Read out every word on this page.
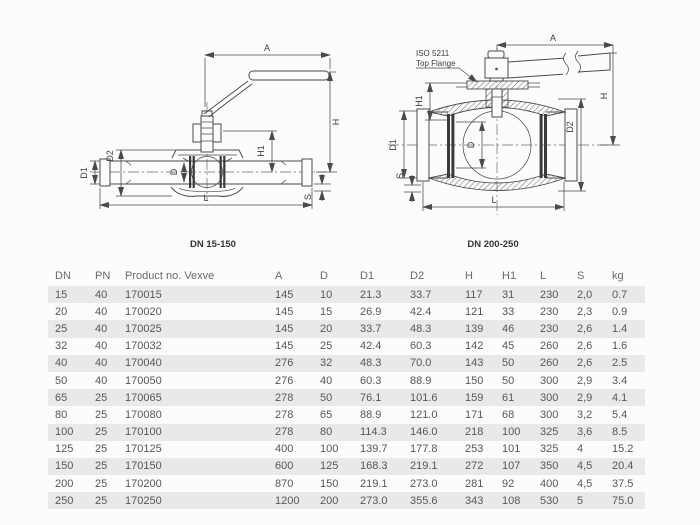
A
H
H1
D2
D1	D
L	S
DN 15-150
ISO 5211
Top Flange
A
H
H1
D1	D
D2
L
S
DN 200-250
DN	PN	Product no. Vexve	A	D	D1	D2	H	H1	L	S	kg
15	40	170015	145	10	21.3	33.7	117	31	230	2,0	0.7
20	40	170020	145	15	26.9	42.4	121	33	230	2,3	0.9
25	40	170025	145	20	33.7	48.3	139	46	230	2,6	1.4
32	40	170032	145	25	42.4	60.3	142	45	260	2,6	1.6
40	40	170040	276	32	48.3	70.0	143	50	260	2,6	2.5
50	40	170050	276	40	60.3	88.9	150	50	300	2,9	3.4
65	25	170065	278	50	76.1	101.6	159	61	300	2,9	4.1
80	25	170080	278	65	88.9	121.0	171	68	300	3,2	5.4
100	25	170100	278	80	114.3	146.0	218	100	325	3,6	8.5
125	25	170125	400	100	139.7	177.8	253	101	325	4	15.2
150	25	170150	600	125	168.3	219.1	272	107	350	4,5	20.4
200	25	170200	870	150	219.1	273.0	281	92	400	4,5	37.5
250	25	170250	1200	200	273.0	355.6	343	108	530	5	75.0
